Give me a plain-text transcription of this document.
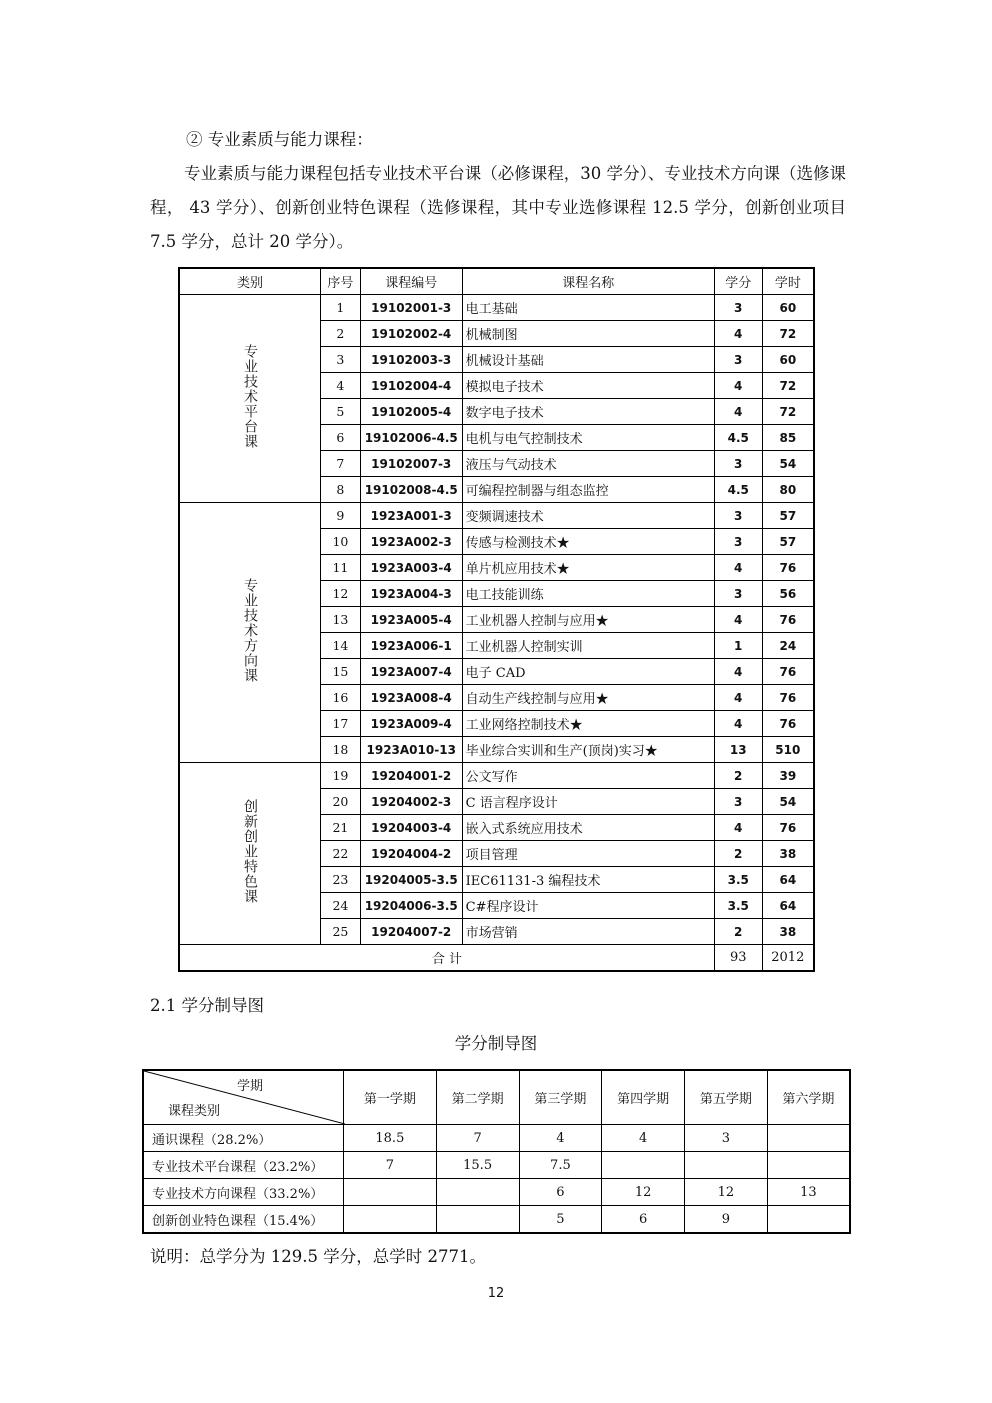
② 专业素质与能力课程：
专业素质与能力课程包括专业技术平台课（必修课程，30 学分）、专业技术方向课（选修课程， 43 学分）、创新创业特色课程（选修课程，其中专业选修课程 12.5 学分，创新创业项目 7.5 学分，总计 20 学分）。
类别	序号	课程编号	课程名称	学分	学时
专业技术平台课	1	19102001-3	电工基础	3	60
	2	19102002-4	机械制图	4	72
	3	19102003-3	机械设计基础	3	60
	4	19102004-4	模拟电子技术	4	72
	5	19102005-4	数字电子技术	4	72
	6	19102006-4.5	电机与电气控制技术	4.5	85
	7	19102007-3	液压与气动技术	3	54
	8	19102008-4.5	可编程控制器与组态监控	4.5	80
专业技术方向课	9	1923A001-3	变频调速技术	3	57
	10	1923A002-3	传感与检测技术★	3	57
	11	1923A003-4	单片机应用技术★	4	76
	12	1923A004-3	电工技能训练	3	56
	13	1923A005-4	工业机器人控制与应用★	4	76
	14	1923A006-1	工业机器人控制实训	1	24
	15	1923A007-4	电子 CAD	4	76
	16	1923A008-4	自动生产线控制与应用★	4	76
	17	1923A009-4	工业网络控制技术★	4	76
	18	1923A010-13	毕业综合实训和生产(顶岗)实习★	13	510
创新创业特色课	19	19204001-2	公文写作	2	39
	20	19204002-3	C 语言程序设计	3	54
	21	19204003-4	嵌入式系统应用技术	4	76
	22	19204004-2	项目管理	2	38
	23	19204005-3.5	IEC61131-3 编程技术	3.5	64
	24	19204006-3.5	C#程序设计	3.5	64
	25	19204007-2	市场营销	2	38
合 计				93	2012
2.1 学分制导图
学分制导图
学期
课程类别	第一学期	第二学期	第三学期	第四学期	第五学期	第六学期
通识课程（28.2%）	18.5	7	4	4	3	
专业技术平台课程（23.2%）	7	15.5	7.5			
专业技术方向课程（33.2%）			6	12	12	13
创新创业特色课程（15.4%）			5	6	9	
说明：总学分为 129.5 学分，总学时 2771。
12
